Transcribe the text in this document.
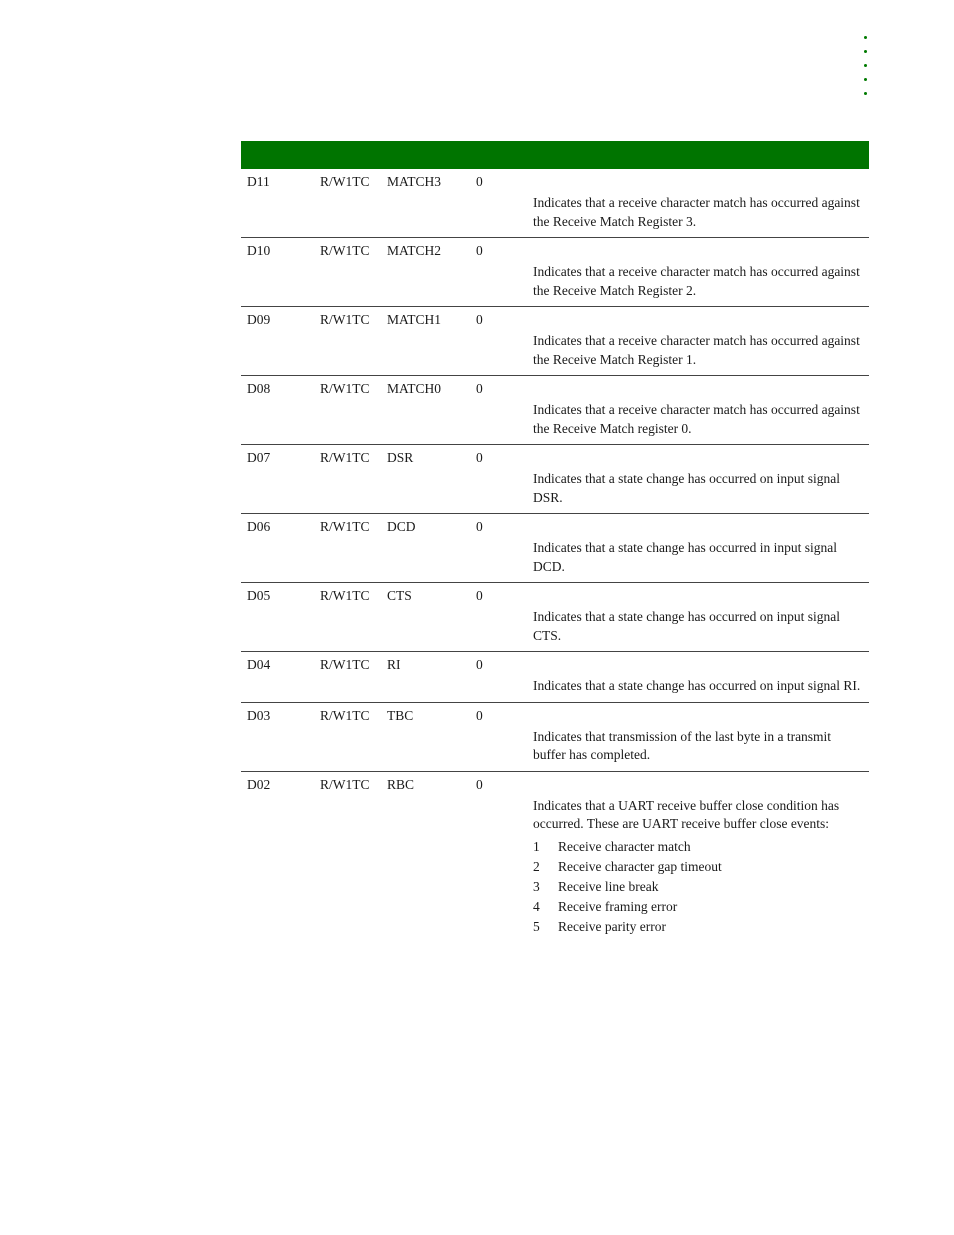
D11	R/W1TC MATCH3	0
Indicates that a receive character match has occurred against the Receive Match Register 3.
D10	R/W1TC MATCH2	0
Indicates that a receive character match has occurred against the Receive Match Register 2.
D09	R/W1TC MATCH1	0
Indicates that a receive character match has occurred against the Receive Match Register 1.
D08	R/W1TC MATCH0	0
Indicates that a receive character match has occurred against the Receive Match register 0.
D07	R/W1TC DSR	0
Indicates that a state change has occurred on input signal DSR.
D06	R/W1TC DCD	0
Indicates that a state change has occurred in input signal DCD.
D05	R/W1TC CTS	0
Indicates that a state change has occurred on input signal CTS.
D04	R/W1TC RI	0
Indicates that a state change has occurred on input signal RI.
D03	R/W1TC TBC	0
Indicates that transmission of the last byte in a transmit buffer has completed.
D02	R/W1TC RBC	0
Indicates that a UART receive buffer close condition has occurred. These are UART receive buffer close events:
1 Receive character match
2 Receive character gap timeout
3 Receive line break
4 Receive framing error
5 Receive parity error
